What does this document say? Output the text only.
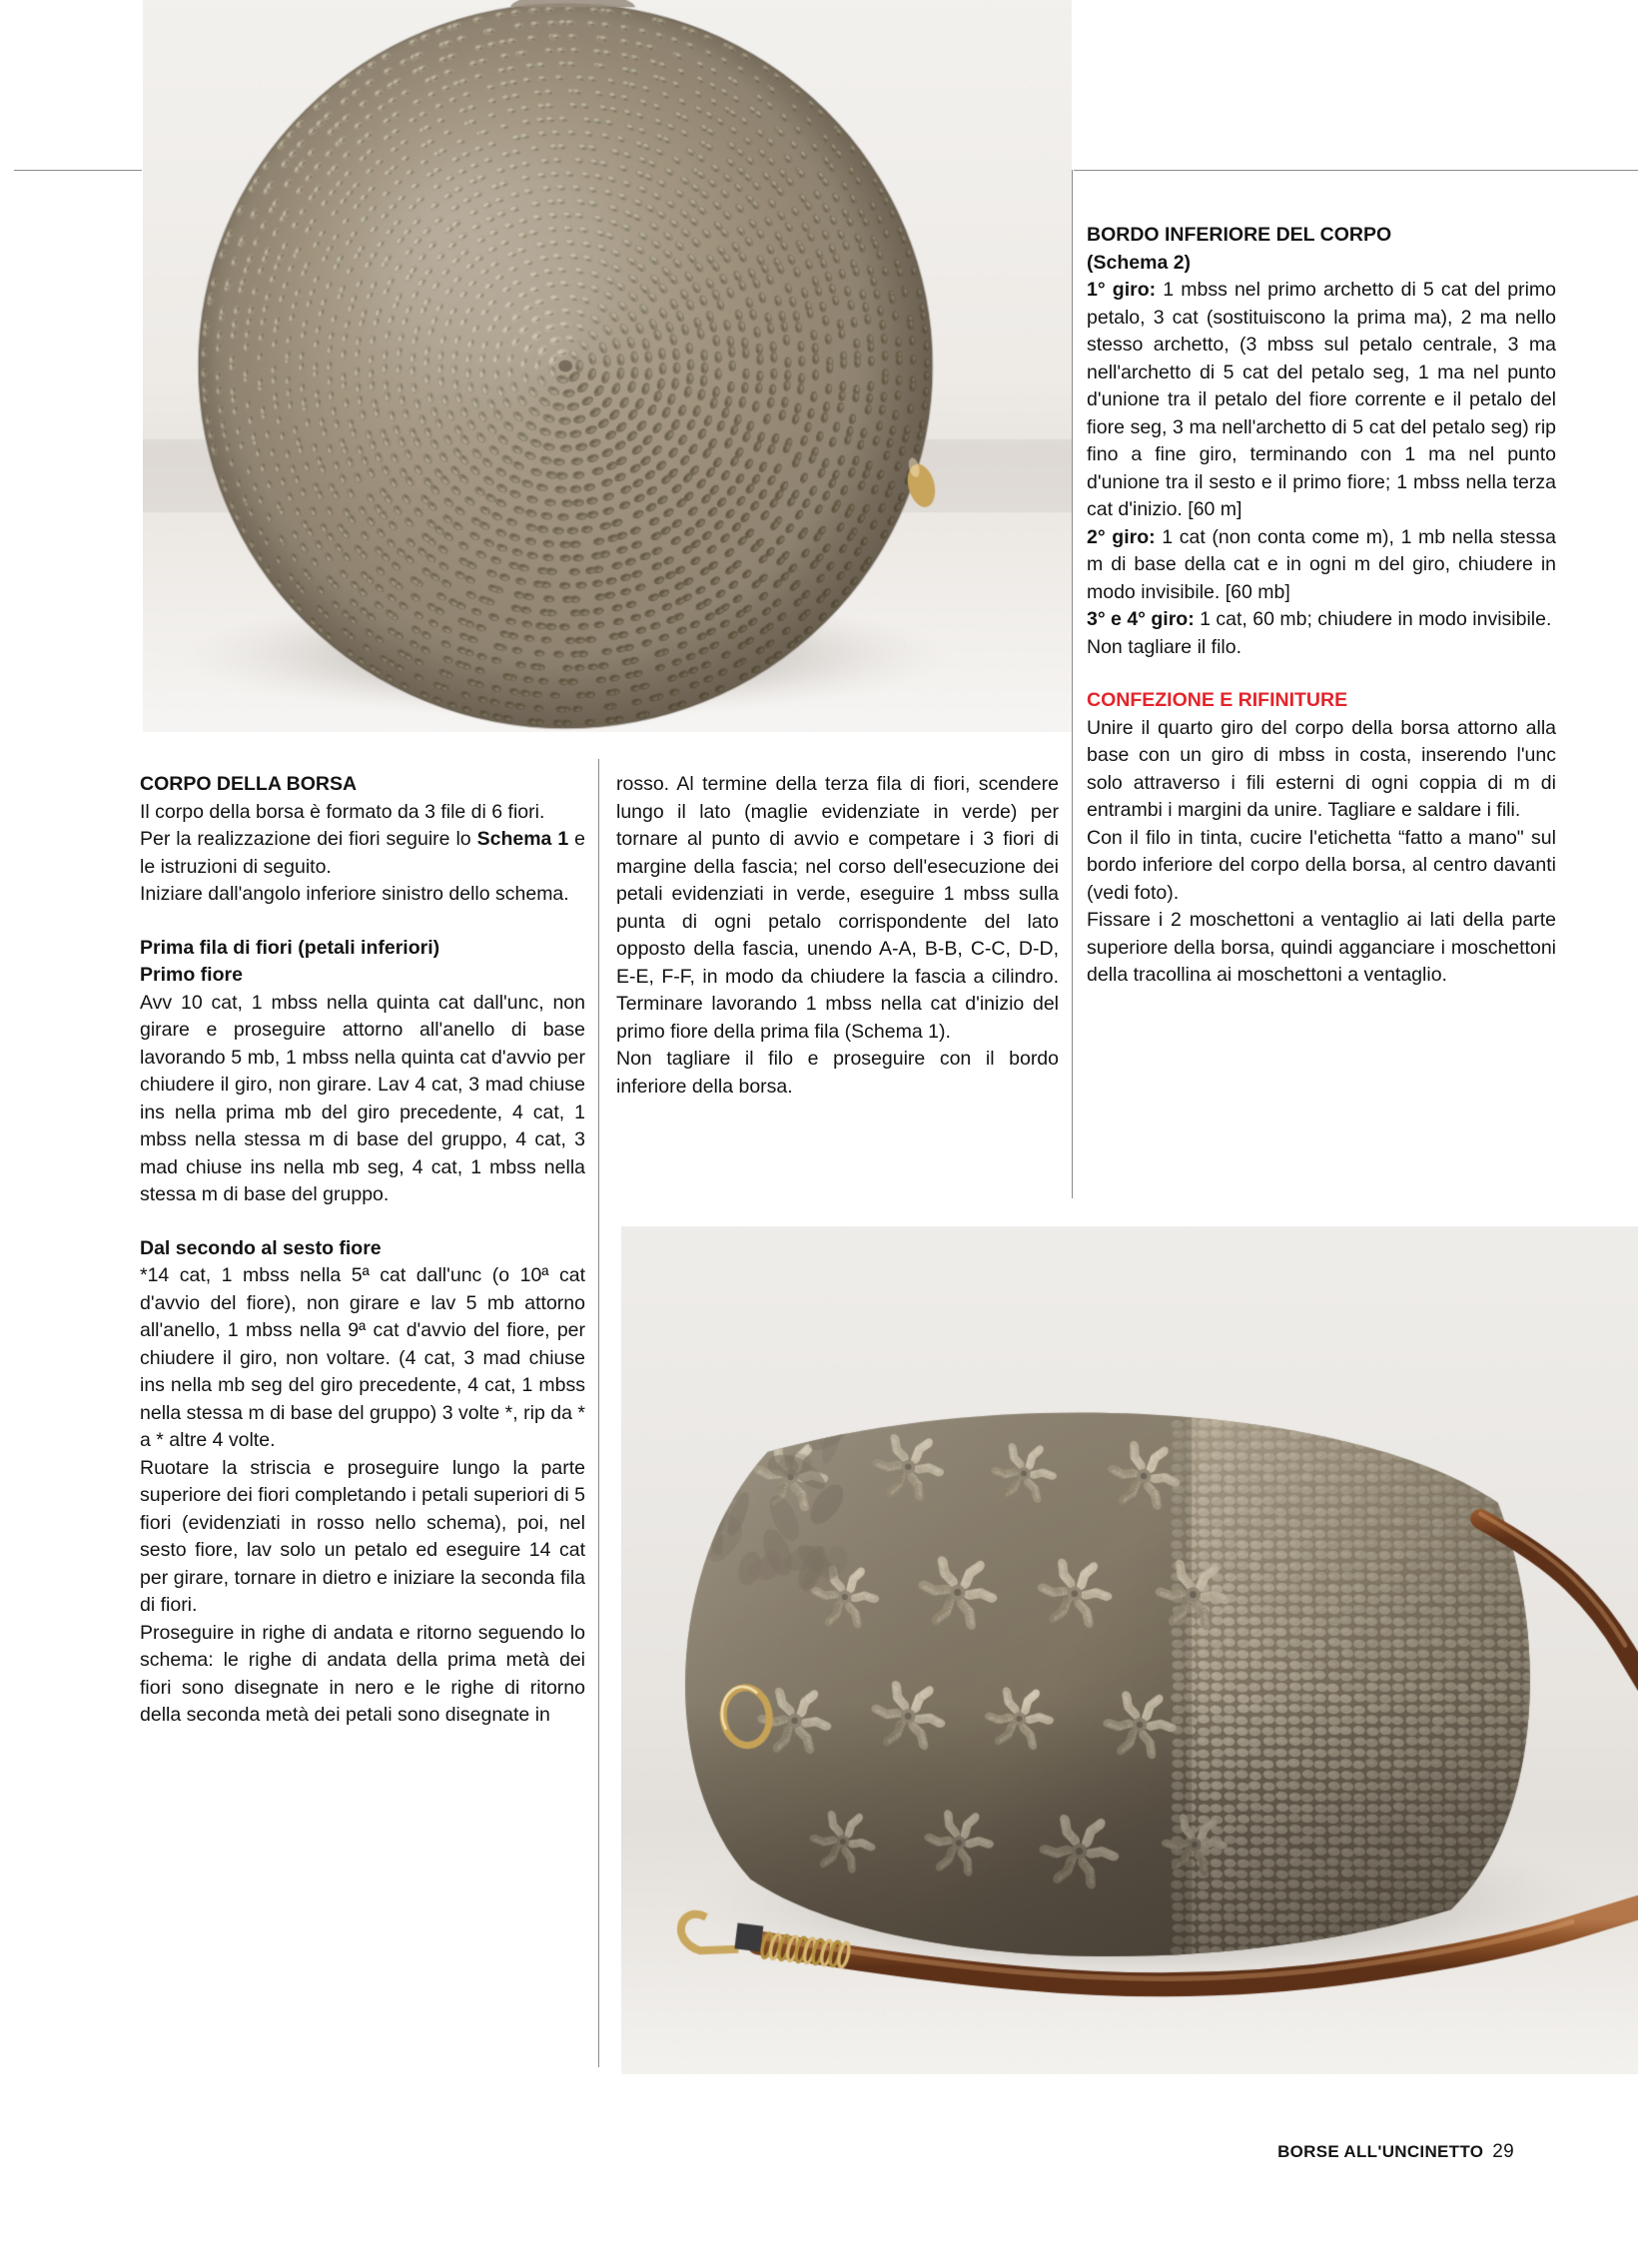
CORPO DELLA BORSA

Il corpo della borsa è formato da 3 file di 6 fiori.

Per la realizzazione dei fiori seguire lo Schema 1 e le istruzioni di seguito.

Iniziare dall'angolo inferiore sinistro dello schema.

Prima fila di fiori (petali inferiori)

Primo fiore

Avv 10 cat, 1 mbss nella quinta cat dall'unc, non girare e proseguire attorno all'anello di base lavorando 5 mb, 1 mbss nella quinta cat d'avvio per chiudere il giro, non girare. Lav 4 cat, 3 mad chiuse ins nella prima mb del giro precedente, 4 cat, 1 mbss nella stessa m di base del gruppo, 4 cat, 3 mad chiuse ins nella mb seg, 4 cat, 1 mbss nella stessa m di base del gruppo.

Dal secondo al sesto fiore

*14 cat, 1 mbss nella 5ª cat dall'unc (o 10ª cat d'avvio del fiore), non girare e lav 5 mb attorno all'anello, 1 mbss nella 9ª cat d'avvio del fiore, per chiudere il giro, non voltare. (4 cat, 3 mad chiuse ins nella mb seg del giro precedente, 4 cat, 1 mbss nella stessa m di base del gruppo) 3 volte *, rip da * a * altre 4 volte.

Ruotare la striscia e proseguire lungo la parte superiore dei fiori completando i petali superiori di 5 fiori (evidenziati in rosso nello schema), poi, nel sesto fiore, lav solo un petalo ed eseguire 14 cat per girare, tornare in dietro e iniziare la seconda fila di fiori.

Proseguire in righe di andata e ritorno seguendo lo schema: le righe di andata della prima metà dei fiori sono disegnate in nero e le righe di ritorno della seconda metà dei petali sono disegnate in

rosso. Al termine della terza fila di fiori, scendere lungo il lato (maglie evidenziate in verde) per tornare al punto di avvio e competare i 3 fiori di margine della fascia; nel corso dell'esecuzione dei petali evidenziati in verde, eseguire 1 mbss sulla punta di ogni petalo corrispondente del lato opposto della fascia, unendo A-A, B-B, C-C, D-D, E-E, F-F, in modo da chiudere la fascia a cilindro. Terminare lavorando 1 mbss nella cat d'inizio del primo fiore della prima fila (Schema 1).

Non tagliare il filo e proseguire con il bordo inferiore della borsa.

BORDO INFERIORE DEL CORPO

(Schema 2)

1° giro: 1 mbss nel primo archetto di 5 cat del primo petalo, 3 cat (sostituiscono la prima ma), 2 ma nello stesso archetto, (3 mbss sul petalo centrale, 3 ma nell'archetto di 5 cat del petalo seg, 1 ma nel punto d'unione tra il petalo del fiore corrente e il petalo del fiore seg, 3 ma nell'archetto di 5 cat del petalo seg) rip fino a fine giro, terminando con 1 ma nel punto d'unione tra il sesto e il primo fiore; 1 mbss nella terza cat d'inizio. [60 m]

2° giro: 1 cat (non conta come m), 1 mb nella stessa m di base della cat e in ogni m del giro, chiudere in modo invisibile. [60 mb]

3° e 4° giro: 1 cat, 60 mb; chiudere in modo invisibile.

Non tagliare il filo.

CONFEZIONE E RIFINITURE

Unire il quarto giro del corpo della borsa attorno alla base con un giro di mbss in costa, inserendo l'unc solo attraverso i fili esterni di ogni coppia di m di entrambi i margini da unire. Tagliare e saldare i fili.

Con il filo in tinta, cucire l'etichetta “fatto a mano" sul bordo inferiore del corpo della borsa, al centro davanti (vedi foto).

Fissare i 2 moschettoni a ventaglio ai lati della parte superiore della borsa, quindi agganciare i moschettoni della tracollina ai moschettoni a ventaglio.

BORSE ALL'UNCINETTO 29
